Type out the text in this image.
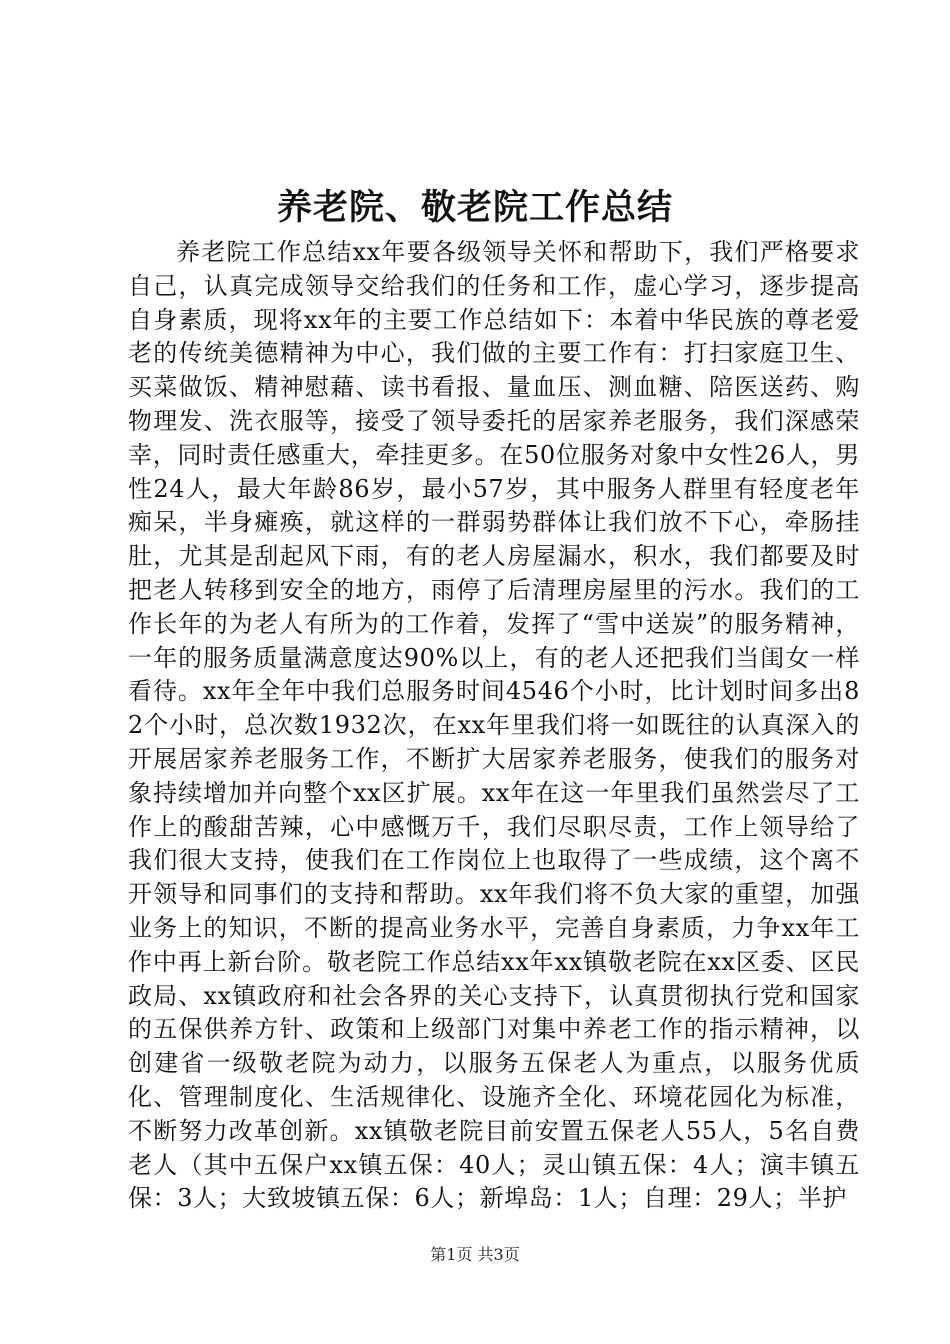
养老院、敬老院工作总结

养老院工作总结xx年要各级领导关怀和帮助下，我们严格要求自己，认真完成领导交给我们的任务和工作，虚心学习，逐步提高自身素质，现将xx年的主要工作总结如下：本着中华民族的尊老爱老的传统美德精神为中心，我们做的主要工作有：打扫家庭卫生、买菜做饭、精神慰藉、读书看报、量血压、测血糖、陪医送药、购物理发、洗衣服等，接受了领导委托的居家养老服务，我们深感荣幸，同时责任感重大，牵挂更多。在50位服务对象中女性26人，男性24人，最大年龄86岁，最小57岁，其中服务人群里有轻度老年痴呆，半身瘫痪，就这样的一群弱势群体让我们放不下心，牵肠挂肚，尤其是刮起风下雨，有的老人房屋漏水，积水，我们都要及时把老人转移到安全的地方，雨停了后清理房屋里的污水。我们的工作长年的为老人有所为的工作着，发挥了“雪中送炭”的服务精神，一年的服务质量满意度达90%以上，有的老人还把我们当闺女一样看待。xx年全年中我们总服务时间4546个小时，比计划时间多出82个小时，总次数1932次，在xx年里我们将一如既往的认真深入的开展居家养老服务工作，不断扩大居家养老服务，使我们的服务对象持续增加并向整个xx区扩展。xx年在这一年里我们虽然尝尽了工作上的酸甜苦辣，心中感慨万千，我们尽职尽责，工作上领导给了我们很大支持，使我们在工作岗位上也取得了一些成绩，这个离不开领导和同事们的支持和帮助。xx年我们将不负大家的重望，加强业务上的知识，不断的提高业务水平，完善自身素质，力争xx年工作中再上新台阶。敬老院工作总结xx年xx镇敬老院在xx区委、区民政局、xx镇政府和社会各界的关心支持下，认真贯彻执行党和国家的五保供养方针、政策和上级部门对集中养老工作的指示精神，以创建省一级敬老院为动力，以服务五保老人为重点，以服务优质化、管理制度化、生活规律化、设施齐全化、环境花园化为标准，不断努力改革创新。xx镇敬老院目前安置五保老人55人，5名自费老人（其中五保户xx镇五保：40人；灵山镇五保：4人；演丰镇五保：3人；大致坡镇五保：6人；新埠岛：1人；自理：29人；半护

第1页 共3页
